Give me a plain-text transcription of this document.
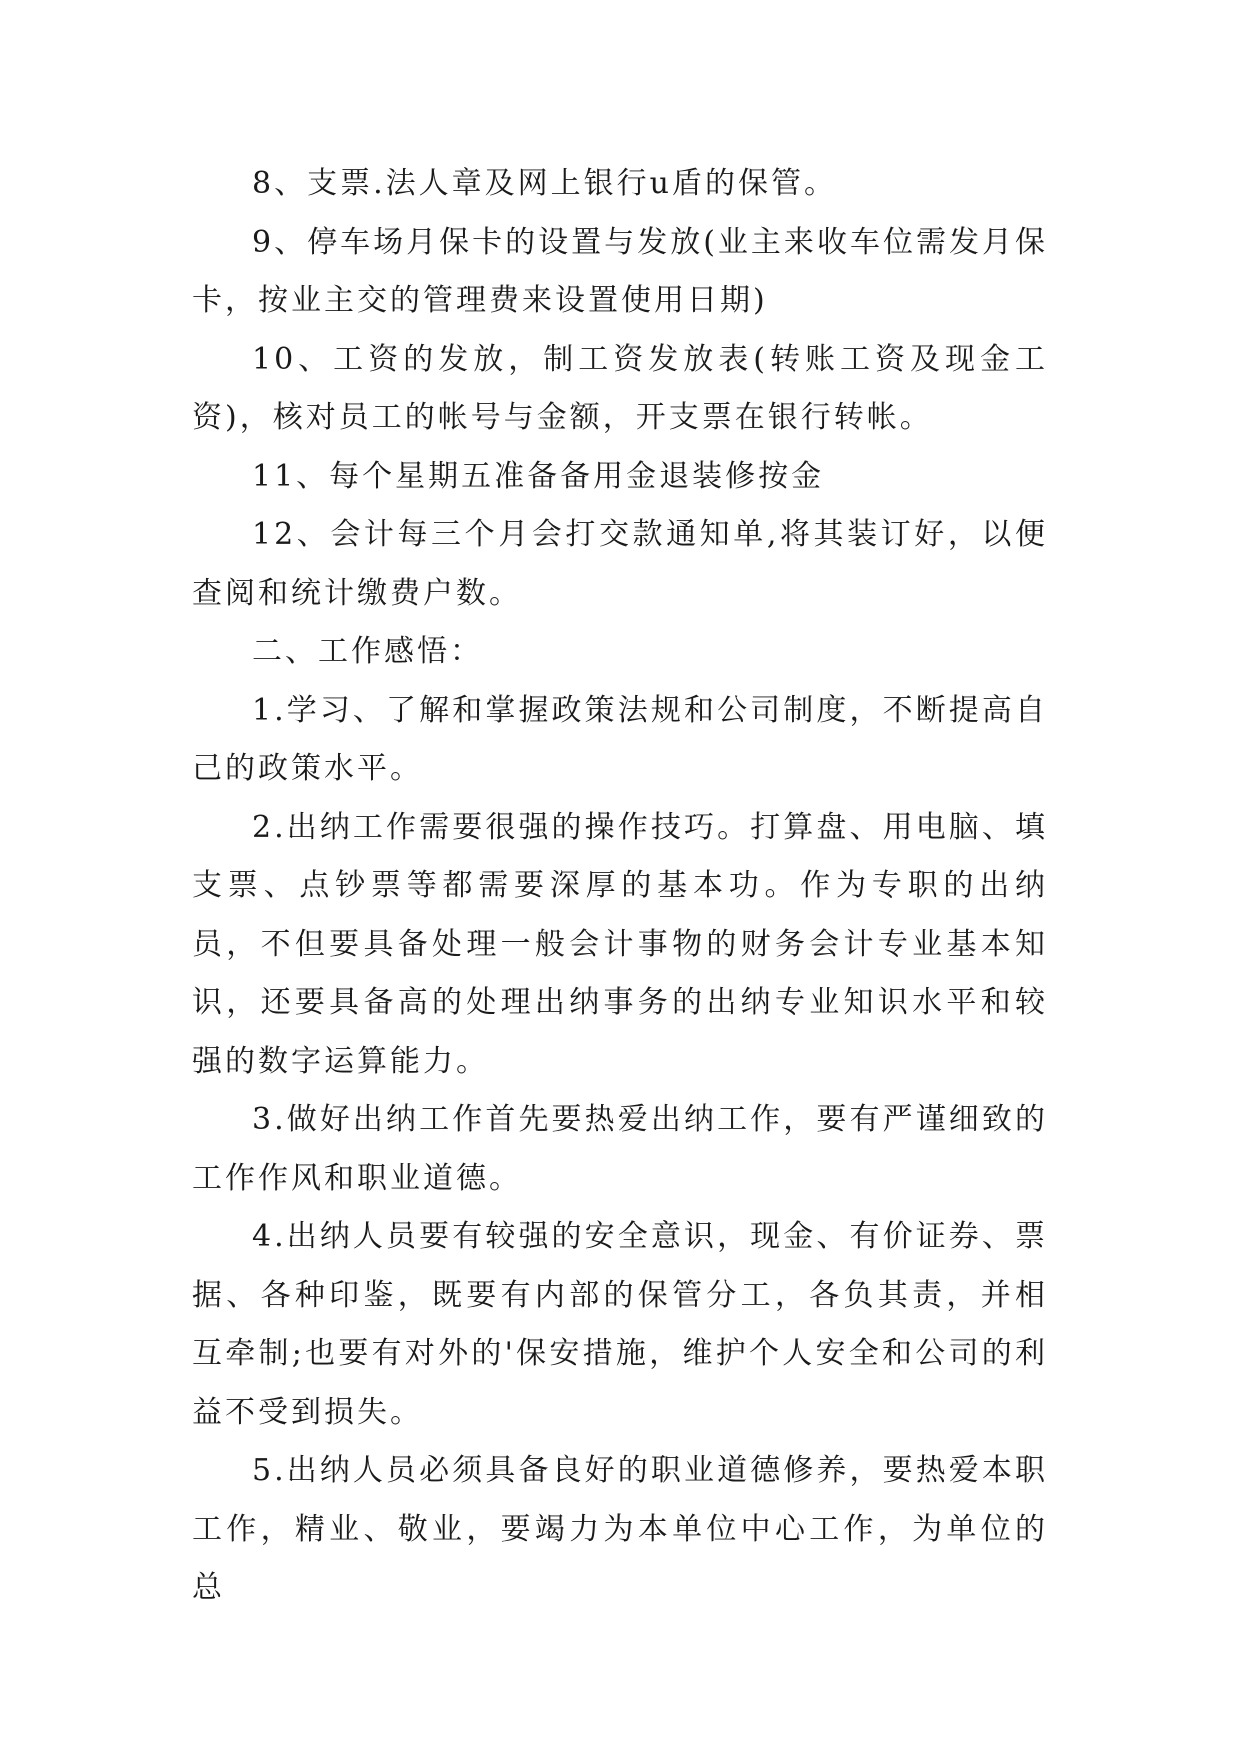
8、支票.法人章及网上银行u盾的保管。

9、停车场月保卡的设置与发放(业主来收车位需发月保卡，按业主交的管理费来设置使用日期)

10、工资的发放，制工资发放表(转账工资及现金工资)，核对员工的帐号与金额，开支票在银行转帐。

11、每个星期五准备备用金退装修按金

12、会计每三个月会打交款通知单,将其装订好，以便查阅和统计缴费户数。

二、工作感悟：

1.学习、了解和掌握政策法规和公司制度，不断提高自己的政策水平。

2.出纳工作需要很强的操作技巧。打算盘、用电脑、填支票、点钞票等都需要深厚的基本功。作为专职的出纳员，不但要具备处理一般会计事物的财务会计专业基本知识，还要具备高的处理出纳事务的出纳专业知识水平和较强的数字运算能力。

3.做好出纳工作首先要热爱出纳工作，要有严谨细致的工作作风和职业道德。

4.出纳人员要有较强的安全意识，现金、有价证券、票据、各种印鉴，既要有内部的保管分工，各负其责，并相互牵制;也要有对外的'保安措施，维护个人安全和公司的利益不受到损失。

5.出纳人员必须具备良好的职业道德修养，要热爱本职工作，精业、敬业，要竭力为本单位中心工作，为单位的总
